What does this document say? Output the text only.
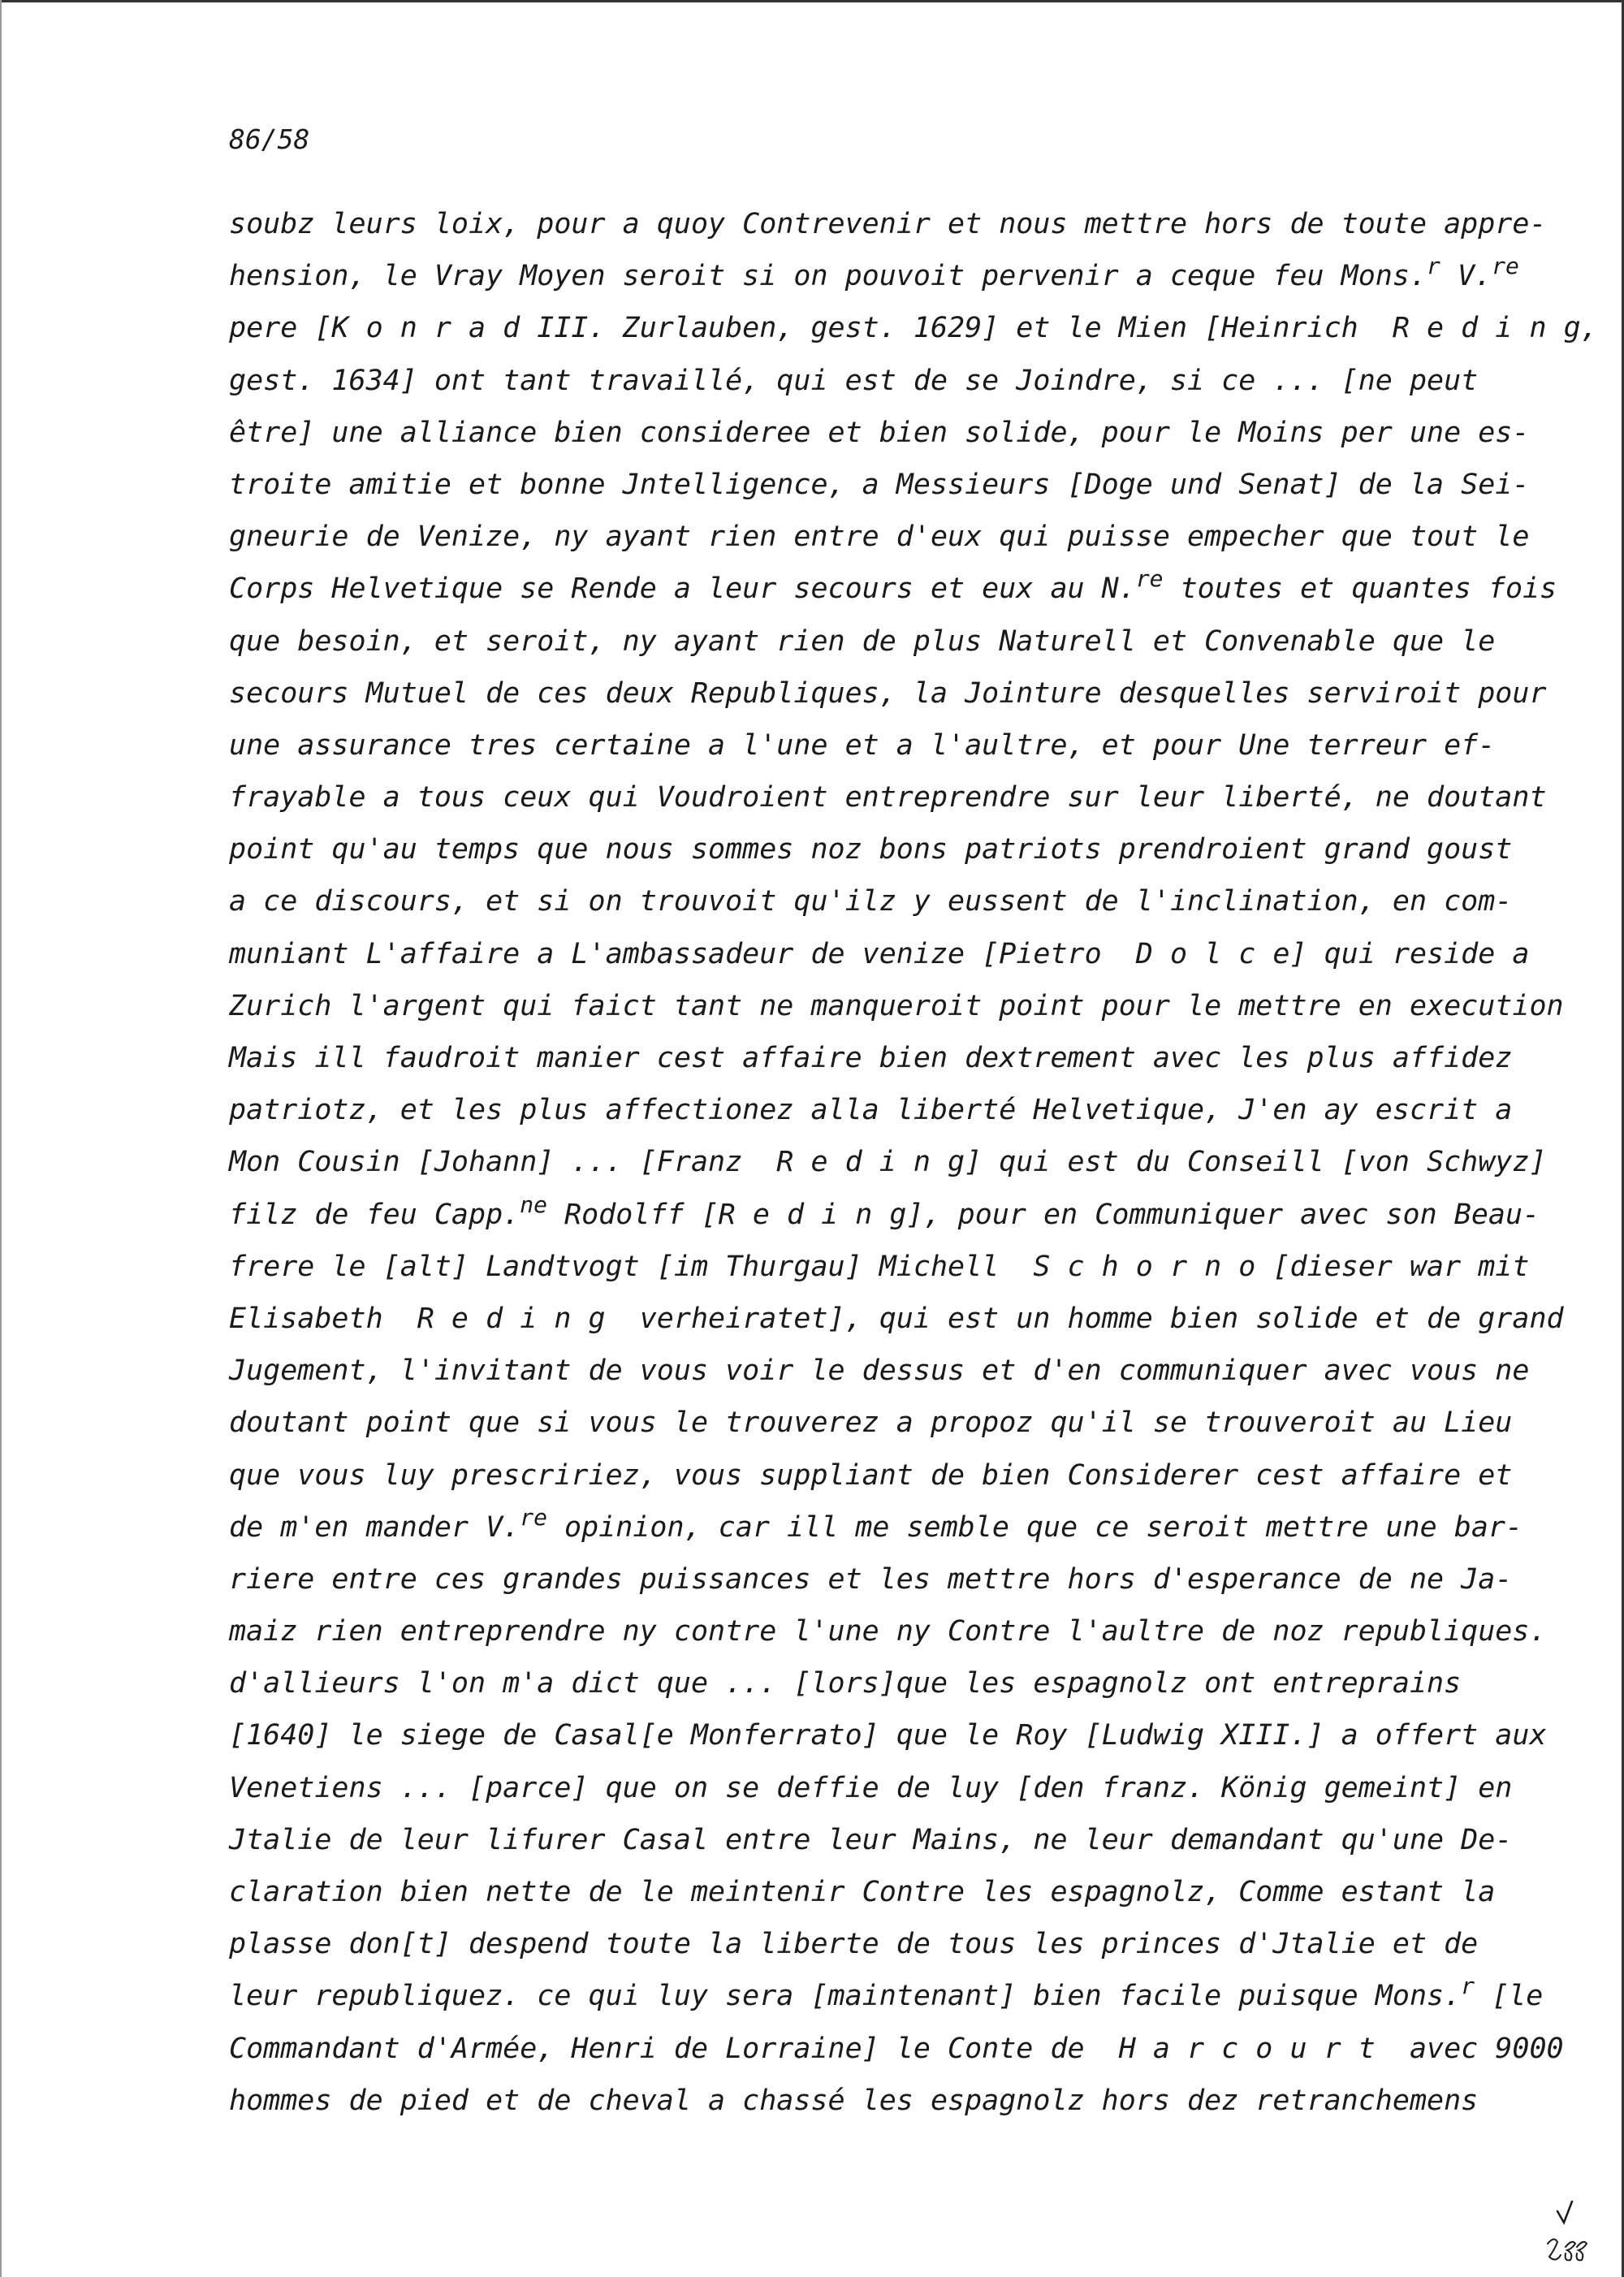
86/58
soubz leurs loix, pour a quoy Contrevenir et nous mettre hors de toute appre-
hension, le Vray Moyen seroit si on pouvoit pervenir a ceque feu Mons.$^r$ V.$^{re}$
pere [K o n r a d III. Zurlauben, gest. 1629] et le Mien [Heinrich  R e d i n g,
gest. 1634] ont tant travaillé, qui est de se Joindre, si ce ... [ne peut
être] une alliance bien consideree et bien solide, pour le Moins per une es-
troite amitie et bonne Jntelligence, a Messieurs [Doge und Senat] de la Sei-
gneurie de Venize, ny ayant rien entre d'eux qui puisse empecher que tout le
Corps Helvetique se Rende a leur secours et eux au N.$^{re}$ toutes et quantes fois
que besoin, et seroit, ny ayant rien de plus Naturell et Convenable que le
secours Mutuel de ces deux Republiques, la Jointure desquelles serviroit pour
une assurance tres certaine a l'une et a l'aultre, et pour Une terreur ef-
frayable a tous ceux qui Voudroient entreprendre sur leur liberté, ne doutant
point qu'au temps que nous sommes noz bons patriots prendroient grand goust
a ce discours, et si on trouvoit qu'ilz y eussent de l'inclination, en com-
muniant L'affaire a L'ambassadeur de venize [Pietro  D o l c e] qui reside a
Zurich l'argent qui faict tant ne manqueroit point pour le mettre en execution
Mais ill faudroit manier cest affaire bien dextrement avec les plus affidez
patriotz, et les plus affectionez alla liberté Helvetique, J'en ay escrit a
Mon Cousin [Johann] ... [Franz  R e d i n g] qui est du Conseill [von Schwyz]
filz de feu Capp.$^{ne}$ Rodolff [R e d i n g], pour en Communiquer avec son Beau-
frere le [alt] Landtvogt [im Thurgau] Michell  S c h o r n o [dieser war mit
Elisabeth  R e d i n g  verheiratet], qui est un homme bien solide et de grand
Jugement, l'invitant de vous voir le dessus et d'en communiquer avec vous ne
doutant point que si vous le trouverez a propoz qu'il se trouveroit au Lieu
que vous luy prescririez, vous suppliant de bien Considerer cest affaire et
de m'en mander V.$^{re}$ opinion, car ill me semble que ce seroit mettre une bar-
riere entre ces grandes puissances et les mettre hors d'esperance de ne Ja-
maiz rien entreprendre ny contre l'une ny Contre l'aultre de noz republiques.
d'allieurs l'on m'a dict que ... [lors]que les espagnolz ont entreprains
[1640] le siege de Casal[e Monferrato] que le Roy [Ludwig XIII.] a offert aux
Venetiens ... [parce] que on se deffie de luy [den franz. König gemeint] en
Jtalie de leur lifurer Casal entre leur Mains, ne leur demandant qu'une De-
claration bien nette de le meintenir Contre les espagnolz, Comme estant la
plasse don[t] despend toute la liberte de tous les princes d'Jtalie et de
leur republiquez. ce qui luy sera [maintenant] bien facile puisque Mons.$^r$ [le
Commandant d'Armée, Henri de Lorraine] le Conte de  H a r c o u r t  avec 9000
hommes de pied et de cheval a chassé les espagnolz hors dez retranchemens
